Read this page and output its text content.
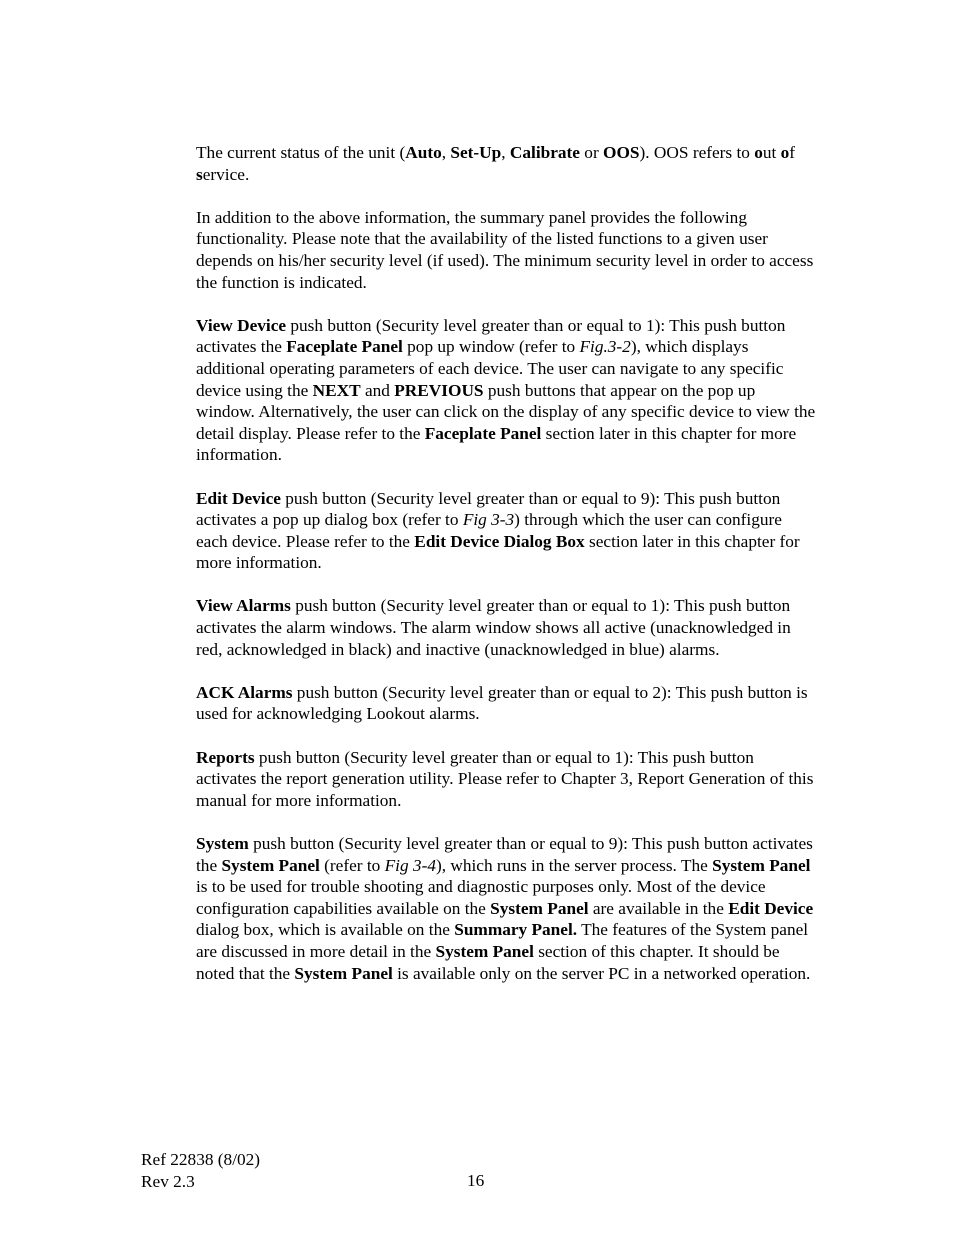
The current status of the unit (Auto, Set-Up, Calibrate or OOS). OOS refers to out of service.

In addition to the above information, the summary panel provides the following functionality. Please note that the availability of the listed functions to a given user depends on his/her security level (if used). The minimum security level in order to access the function is indicated.

View Device push button (Security level greater than or equal to 1): This push button activates the Faceplate Panel pop up window (refer to Fig.3-2), which displays additional operating parameters of each device. The user can navigate to any specific device using the NEXT and PREVIOUS push buttons that appear on the pop up window. Alternatively, the user can click on the display of any specific device to view the detail display. Please refer to the Faceplate Panel section later in this chapter for more information.

Edit Device push button (Security level greater than or equal to 9): This push button activates a pop up dialog box (refer to Fig 3-3) through which the user can configure each device. Please refer to the Edit Device Dialog Box section later in this chapter for more information.

View Alarms push button (Security level greater than or equal to 1): This push button activates the alarm windows. The alarm window shows all active (unacknowledged in red, acknowledged in black) and inactive (unacknowledged in blue) alarms.

ACK Alarms push button (Security level greater than or equal to 2): This push button is used for acknowledging Lookout alarms.

Reports push button (Security level greater than or equal to 1): This push button activates the report generation utility. Please refer to Chapter 3, Report Generation of this manual for more information.

System push button (Security level greater than or equal to 9): This push button activates the System Panel (refer to Fig 3-4), which runs in the server process. The System Panel is to be used for trouble shooting and diagnostic purposes only. Most of the device configuration capabilities available on the System Panel are available in the Edit Device dialog box, which is available on the Summary Panel. The features of the System panel are discussed in more detail in the System Panel section of this chapter. It should be noted that the System Panel is available only on the server PC in a networked operation.

Ref 22838 (8/02)
Rev 2.3	16
